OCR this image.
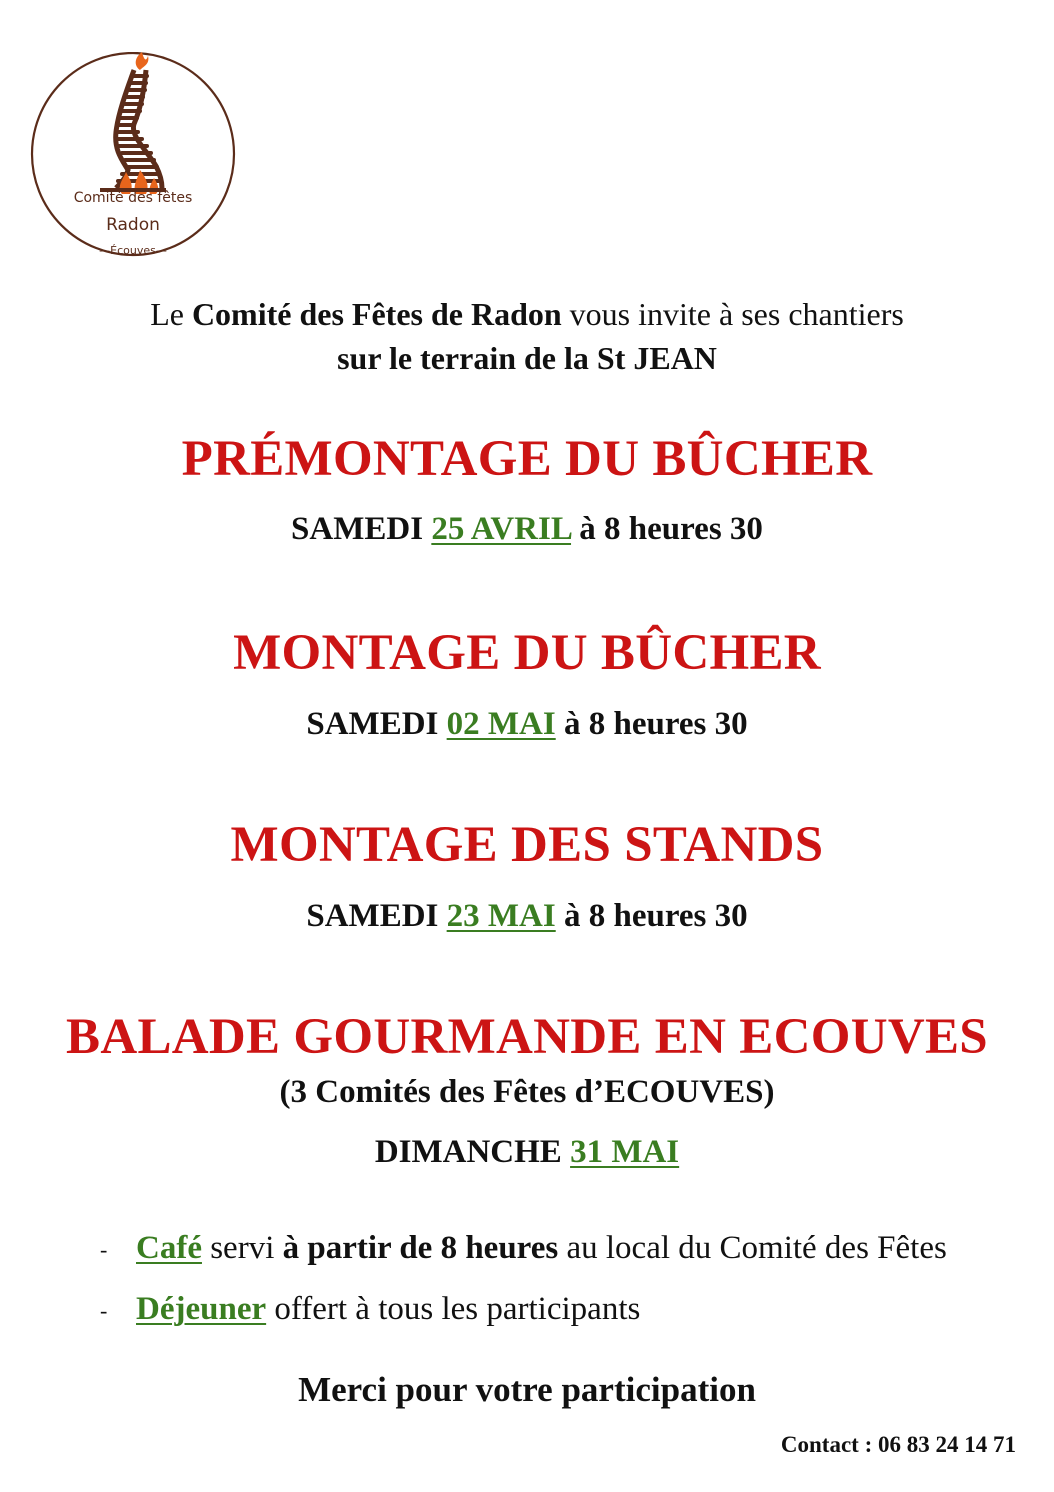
Comité des fêtes
Radon
—Écouves—
Le Comité des Fêtes de Radon vous invite à ses chantiers
sur le terrain de la St JEAN
PRÉMONTAGE DU BÛCHER
SAMEDI 25 AVRIL à 8 heures 30
MONTAGE DU BÛCHER
SAMEDI 02 MAI à 8 heures 30
MONTAGE DES STANDS
SAMEDI 23 MAI à 8 heures 30
BALADE GOURMANDE EN ECOUVES
(3 Comités des Fêtes d’ECOUVES)
DIMANCHE 31 MAI
- Café servi à partir de 8 heures au local du Comité des Fêtes
- Déjeuner offert à tous les participants
Merci pour votre participation
Contact : 06 83 24 14 71
